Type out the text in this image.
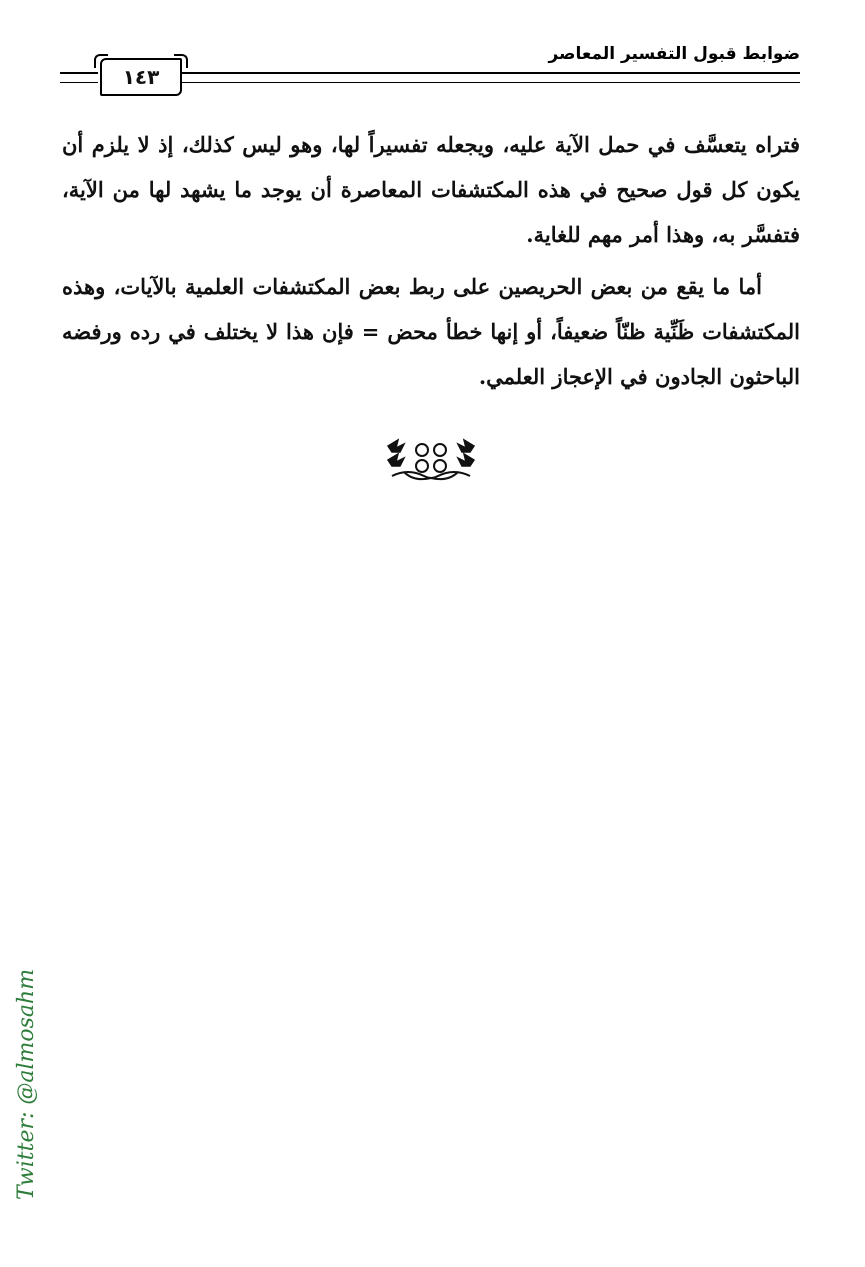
ضوابط قبول التفسير المعاصر
١٤٣

فتراه يتعسَّف في حمل الآية عليه، ويجعله تفسيراً لها، وهو ليس كذلك، إذ لا يلزم أن يكون كل قول صحيح في هذه المكتشفات المعاصرة أن يوجد ما يشهد لها من الآية، فتفسَّر به، وهذا أمر مهم للغاية.

أما ما يقع من بعض الحريصين على ربط بعض المكتشفات العلمية بالآيات، وهذه المكتشفات ظَنِّية ظنّاً ضعيفاً، أو إنها خطأ محض = فإن هذا لا يختلف في رده ورفضه الباحثون الجادون في الإعجاز العلمي.

Twitter: @almosahm
